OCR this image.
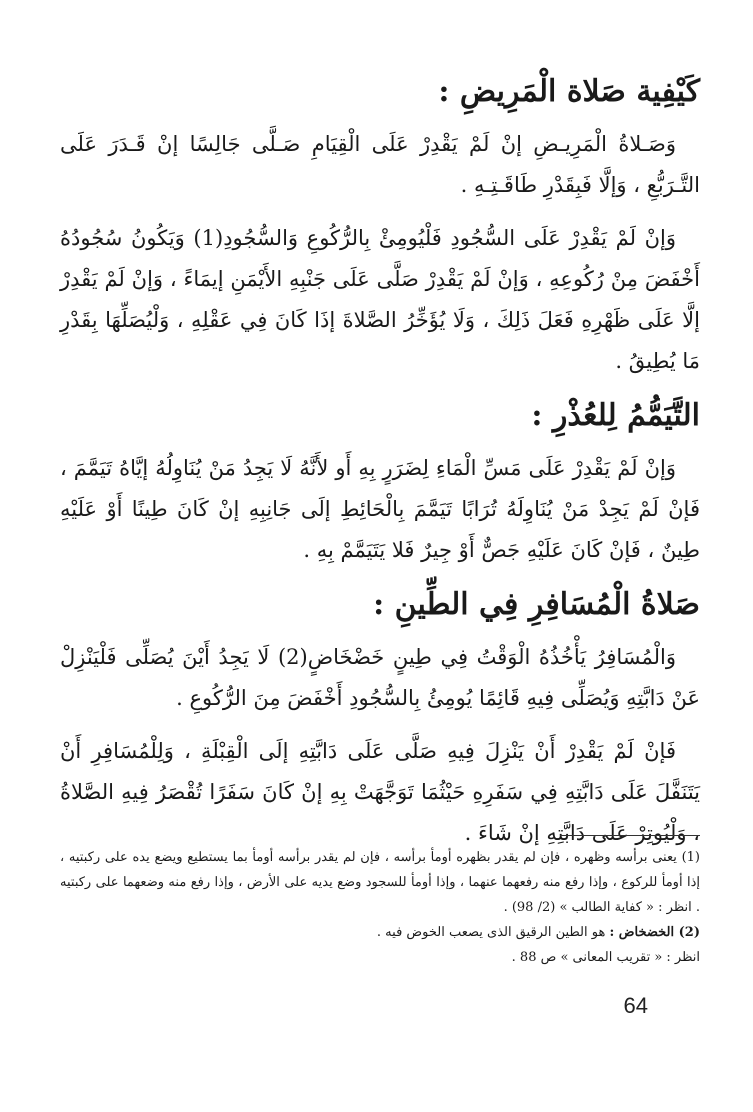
كَيْفِية صَلاة الْمَرِيضِ :

وَصَـلاةُ الْمَرِيـضِ إنْ لَمْ يَقْدِرْ عَلَى الْقِيَامِ صَـلَّى جَالِسًا إنْ قَـدَرَ عَلَى التَّـرَبُّعِ ، وَإلَّا فَبِقَدْرِ طَاقَـتِـهِ .

وَإنْ لَمْ يَقْدِرْ عَلَى السُّجُودِ فَلْيُومِئْ بِالرُّكُوعِ وَالسُّجُودِ(1) وَيَكُونُ سُجُودُهُ أَخْفَضَ مِنْ رُكُوعِهِ ، وَإنْ لَمْ يَقْدِرْ صَلَّى عَلَى جَنْبِهِ الأَيْمَنِ إيمَاءً ، وَإنْ لَمْ يَقْدِرْ إلَّا عَلَى ظَهْرِهِ فَعَلَ ذَلِكَ ، وَلَا يُؤَخِّرُ الصَّلاةَ إذَا كَانَ فِي عَقْلِهِ ، وَلْيُصَلِّهَا بِقَدْرِ مَا يُطِيقُ .

التَّيَمُّمُ لِلعُذْرِ :

وَإنْ لَمْ يَقْدِرْ عَلَى مَسِّ الْمَاءِ لِضَرَرٍ بِهِ أَو لأَنَّهُ لَا يَجِدُ مَنْ يُنَاوِلُهُ إيَّاهُ تَيَمَّمَ ، فَإنْ لَمْ يَجِدْ مَنْ يُنَاوِلَهُ تُرَابًا تَيَمَّمَ بِالْحَائِطِ إلَى جَانِبِهِ إنْ كَانَ طِينًا أَوْ عَلَيْهِ طِينٌ ، فَإنْ كَانَ عَلَيْهِ جَصٌّ أَوْ جِيرٌ فَلا يَتَيَمَّمْ بِهِ .

صَلاةُ الْمُسَافِرِ فِي الطِّينِ :

وَالْمُسَافِرُ يَأْخُذُهُ الْوَقْتُ فِي طِينٍ خَضْخَاضٍ(2) لَا يَجِدُ أَيْنَ يُصَلِّى فَلْيَنْزِلْ عَنْ دَابَّتِهِ وَيُصَلِّى فِيهِ قَائِمًا يُومِئُ بِالسُّجُودِ أَخْفَضَ مِنَ الرُّكُوعِ .

فَإنْ لَمْ يَقْدِرْ أَنْ يَنْزِلَ فِيهِ صَلَّى عَلَى دَابَّتِهِ إلَى الْقِبْلَةِ ، وَلِلْمُسَافِرِ أَنْ يَتَنَفَّلَ عَلَى دَابَّتِهِ فِي سَفَرِهِ حَيْثُمَا تَوَجَّهَتْ بِهِ إنْ كَانَ سَفَرًا تُقْصَرُ فِيهِ الصَّلاةُ ، وَلْيُوتِرْ عَلَى دَابَّتِهِ إنْ شَاءَ .

(1) يعنى برأسه وظهره ، فإن لم يقدر بظهره أومأ برأسه ، فإن لم يقدر برأسه أومأ بما يستطيع ويضع يده على ركبتيه ، إذا أومأ للركوع ، وإذا رفع منه رفعهما عنهما ، وإذا أومأ للسجود وضع يديه على الأرض ، وإذا رفع منه وضعهما على ركبتيه . انظر : « كفاية الطالب » (2/ 98) .

(2) الخضخاض : هو الطين الرقيق الذى يصعب الخوض فيه .

انظر : « تقريب المعانى » ص 88 .

64
